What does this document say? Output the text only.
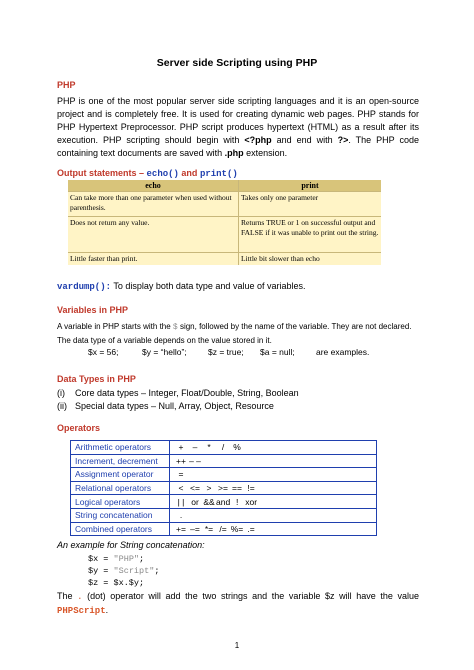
Server side Scripting using PHP
PHP
PHP is one of the most popular server side scripting languages and it is an open-source project and is completely free. It is used for creating dynamic web pages. PHP stands for PHP Hypertext Preprocessor. PHP script produces hypertext (HTML) as a result after its execution. PHP scripting should begin with <?php and end with ?>. The PHP code containing text documents are saved with .php extension.
Output statements – echo() and print()
echo	print
Can take more than one parameter when used without parenthesis.	Takes only one parameter
Does not return any value.	Returns TRUE or 1 on successful output and FALSE if it was unable to print out the string.
Little faster than print.	Little bit slower than echo
vardump(): To display both data type and value of variables.
Variables in PHP
A variable in PHP starts with the $ sign, followed by the name of the variable. They are not declared.
The data type of a variable depends on the value stored in it.
$x = 56;	$y = “hello”;	$z = true; $a = null;	are examples.
Data Types in PHP
(i) Core data types – Integer, Float/Double, String, Boolean
(ii) Special data types – Null, Array, Object, Resource
Operators
Arithmetic operators	+ – * / %
Increment, decrement	++ – –
Assignment operator	=
Relational operators	< <= > >= == !=
Logical operators	| | or &&and ! xor
String concatenation	.
Combined operators	+= –= *= /= %= .=
An example for String concatenation:
$x = "PHP";
$y = "Script";
$z = $x.$y;
The . (dot) operator will add the two strings and the variable $z will have the value PHPScript.
1
